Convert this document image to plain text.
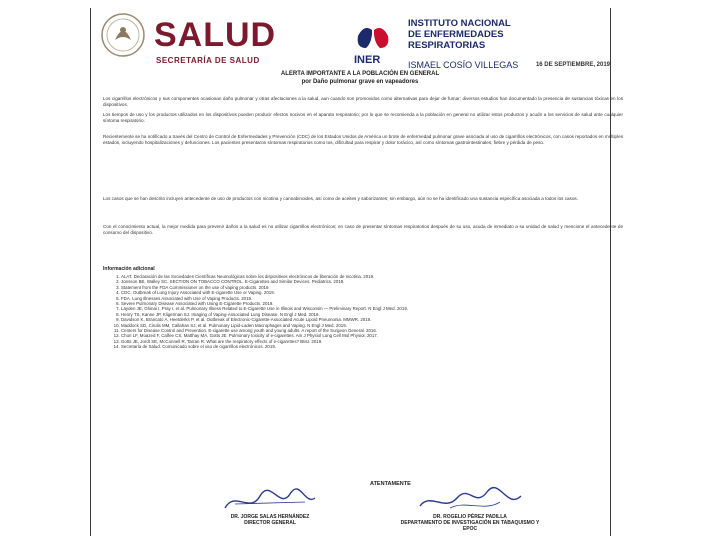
SALUD
SECRETARÍA DE SALUD	INER
INSTITUTO NACIONAL
DE ENFERMEDADES
RESPIRATORIAS
ISMAEL COSÍO VILLEGAS	16 DE SEPTIEMBRE, 2019
ALERTA IMPORTANTE A LA POBLACIÓN EN GENERAL
por Daño pulmonar grave en vapeadores
Los cigarrillos electrónicos y sus componentes ocasionan daño pulmonar y otras afectaciones a la salud, aun cuando son promovidos como alternativas para dejar de fumar; diversos estudios han documentado la presencia de sustancias tóxicas en los dispositivos.
Los tiempos de uso y los productos utilizados en los dispositivos pueden producir efectos nocivos en el aparato respiratorio; por lo que se recomienda a la población en general no utilizar estos productos y acudir a los servicios de salud ante cualquier síntoma respiratorio.
Recientemente se ha notificado a través del Centro de Control de Enfermedades y Prevención (CDC) de los Estados Unidos de América un brote de enfermedad pulmonar grave asociada al uso de cigarrillos electrónicos, con casos reportados en múltiples estados, incluyendo hospitalizaciones y defunciones. Los pacientes presentaron síntomas respiratorios como tos, dificultad para respirar y dolor torácico, así como síntomas gastrointestinales, fiebre y pérdida de peso.
Los casos que se han descrito incluyen antecedente de uso de productos con nicotina y cannabinoides, así como de aceites y saborizantes; sin embargo, aún no se ha identificado una sustancia específica asociada a todos los casos.
Con el conocimiento actual, la mejor medida para prevenir daños a la salud es no utilizar cigarrillos electrónicos; en caso de presentar síntomas respiratorios después de su uso, acuda de inmediato a su unidad de salud y mencione el antecedente de consumo del dispositivo.
Información adicional
1. ALAT. Declaración de las Sociedades Científicas Neumológicas sobre los dispositivos electrónicos de liberación de nicotina. 2019.
2. Jonsson BE, Walley SC. SECTION ON TOBACCO CONTROL. E-Cigarettes and Similar Devices. Pediatrics. 2019.
3. Statement from the FDA Commissioner on the use of vaping products. 2019.
4. CDC. Outbreak of Lung Injury Associated with E-cigarette Use or Vaping. 2019.
5. FDA. Lung Illnesses Associated with Use of Vaping Products. 2019.
6. Severe Pulmonary Disease Associated with Using E-Cigarette Products. 2019.
7. Layden JE, Ghinai I, Pray I, et al. Pulmonary Illness Related to E-Cigarette Use in Illinois and Wisconsin — Preliminary Report. N Engl J Med. 2019.
8. Henry TS, Kanne JP, Kligerman SJ. Imaging of Vaping-Associated Lung Disease. N Engl J Med. 2019.
9. Davidson K, Brancato A, Heetderks P, et al. Outbreak of Electronic-Cigarette-Associated Acute Lipoid Pneumonia. MMWR. 2019.
10. Maddock SD, Cirulis MM, Callahan SJ, et al. Pulmonary Lipid-Laden Macrophages and Vaping. N Engl J Med. 2019.
11. Centers for Disease Control and Prevention. E-cigarette use among youth and young adults. A report of the Surgeon General. 2016.
12. Chun LF, Moazed F, Calfee CS, Matthay MA, Gotts JE. Pulmonary toxicity of e-cigarettes. Am J Physiol Lung Cell Mol Physiol. 2017.
13. Gotts JE, Jordt SE, McConnell R, Tarran R. What are the respiratory effects of e-cigarettes? BMJ. 2019.
14. Secretaría de Salud. Comunicado sobre el uso de cigarrillos electrónicos. 2019.
ATENTAMENTE
DR. JORGE SALAS HERNÁNDEZ
DIRECTOR GENERAL
DR. ROGELIO PÉREZ PADILLA
DEPARTAMENTO DE INVESTIGACIÓN EN TABAQUISMO Y EPOC
